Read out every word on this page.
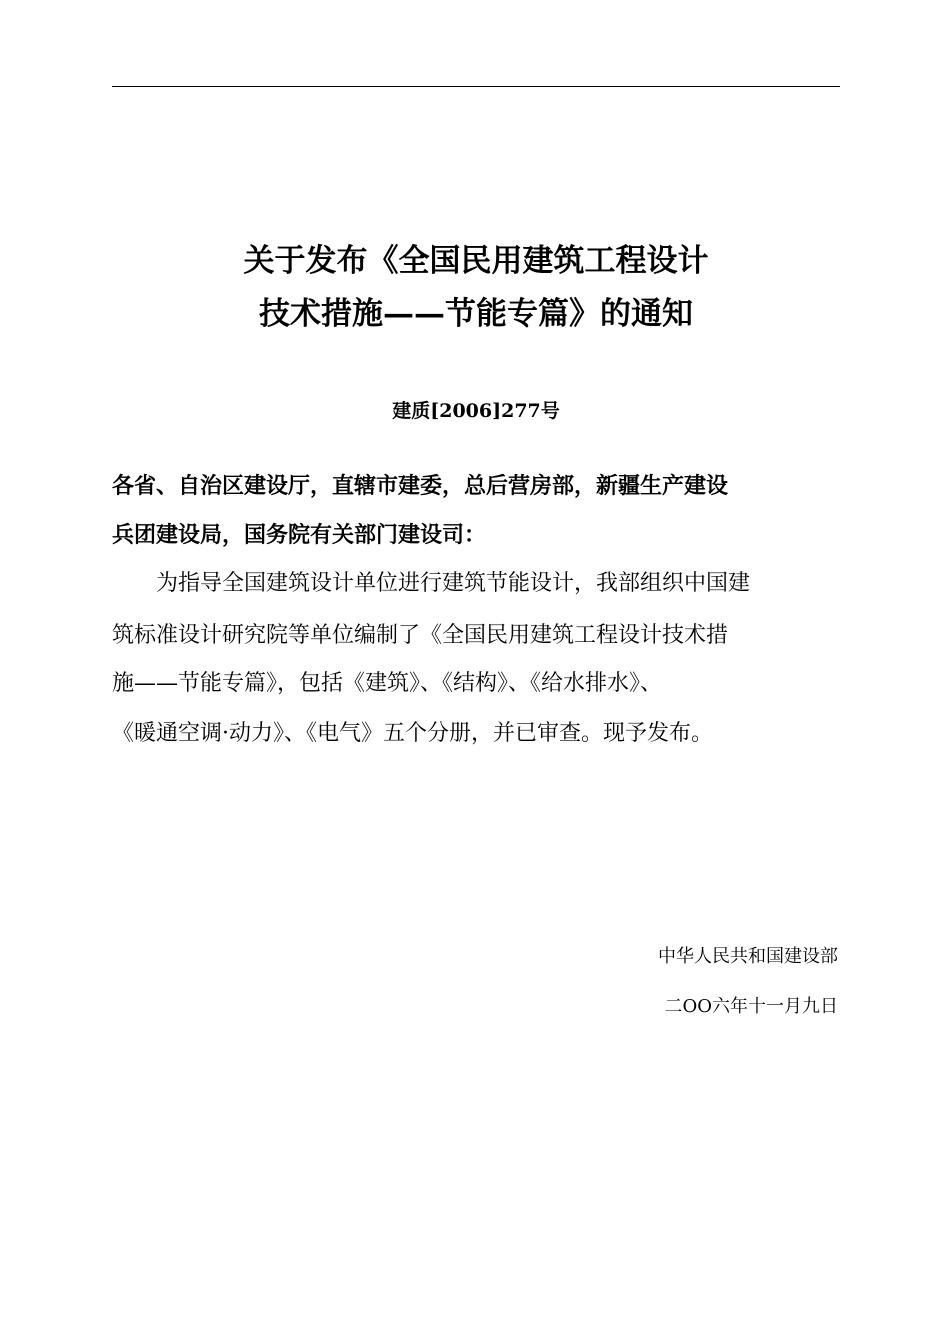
关于发布《全国民用建筑工程设计
技术措施——节能专篇》的通知
建质[2006]277号
各省、自治区建设厅，直辖市建委，总后营房部，新疆生产建设
兵团建设局，国务院有关部门建设司：
为指导全国建筑设计单位进行建筑节能设计，我部组织中国建
筑标准设计研究院等单位编制了《全国民用建筑工程设计技术措
施——节能专篇》，包括《建筑》、《结构》、《给水排水》、
《暖通空调·动力》、《电气》五个分册，并已审查。现予发布。
中华人民共和国建设部
二OO六年十一月九日
